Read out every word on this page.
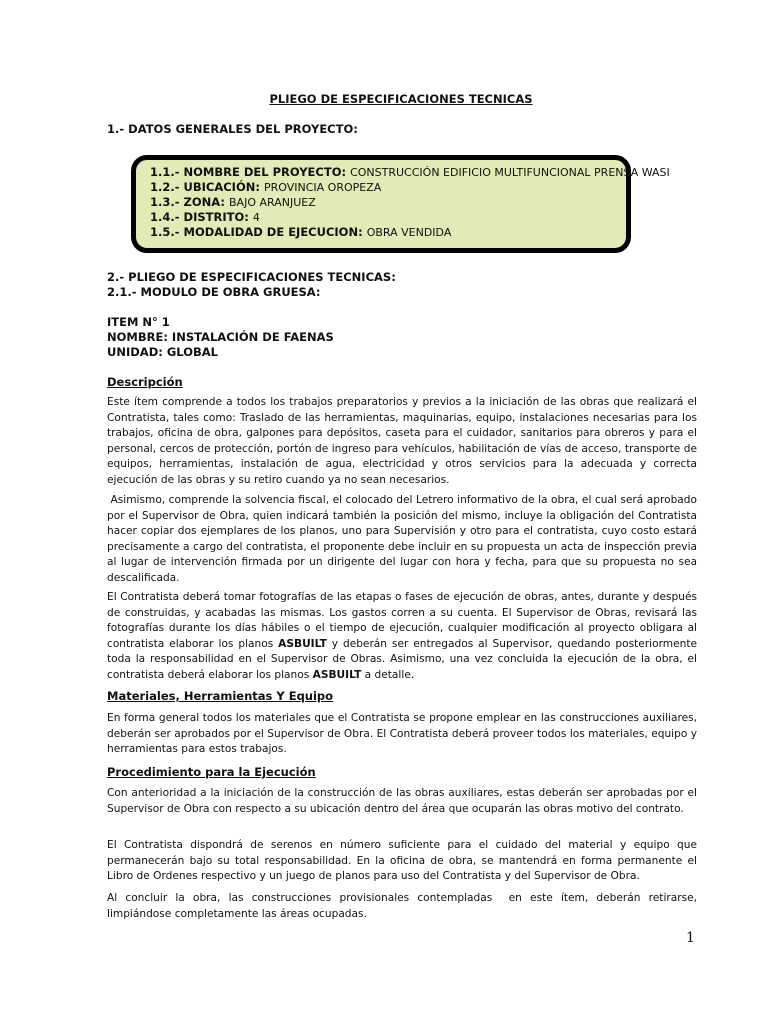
PLIEGO DE ESPECIFICACIONES TECNICAS
1.- DATOS GENERALES DEL PROYECTO:
1.1.- NOMBRE DEL PROYECTO: CONSTRUCCIÓN EDIFICIO MULTIFUNCIONAL PRENSA WASI
1.2.- UBICACIÓN: PROVINCIA OROPEZA
1.3.- ZONA: BAJO ARANJUEZ
1.4.- DISTRITO: 4
1.5.- MODALIDAD DE EJECUCION: OBRA VENDIDA
2.- PLIEGO DE ESPECIFICACIONES TECNICAS:
2.1.- MODULO DE OBRA GRUESA:
ITEM N° 1
NOMBRE: INSTALACIÓN DE FAENAS
UNIDAD: GLOBAL
Descripción
Este ítem comprende a todos los trabajos preparatorios y previos a la iniciación de las obras que realizará el Contratista, tales como: Traslado de las herramientas, maquinarias, equipo, instalaciones necesarias para los trabajos, oficina de obra, galpones para depósitos, caseta para el cuidador, sanitarios para obreros y para el personal, cercos de protección, portón de ingreso para vehículos, habilitación de vías de acceso, transporte de equipos, herramientas, instalación de agua, electricidad y otros servicios para la adecuada y correcta ejecución de las obras y su retiro cuando ya no sean necesarios.
Asimismo, comprende la solvencia fiscal, el colocado del Letrero informativo de la obra, el cual será aprobado por el Supervisor de Obra, quien indicará también la posición del mismo, incluye la obligación del Contratista hacer copiar dos ejemplares de los planos, uno para Supervisión y otro para el contratista, cuyo costo estará precisamente a cargo del contratista, el proponente debe incluir en su propuesta un acta de inspección previa al lugar de intervención firmada por un dirigente del lugar con hora y fecha, para que su propuesta no sea descalificada.
El Contratista deberá tomar fotografías de las etapas o fases de ejecución de obras, antes, durante y después de construidas, y acabadas las mismas. Los gastos corren a su cuenta. El Supervisor de Obras, revisará las fotografías durante los días hábiles o el tiempo de ejecución, cualquier modificación al proyecto obligara al contratista elaborar los planos ASBUILT y deberán ser entregados al Supervisor, quedando posteriormente toda la responsabilidad en el Supervisor de Obras. Asimismo, una vez concluida la ejecución de la obra, el contratista deberá elaborar los planos ASBUILT a detalle.
Materiales, Herramientas Y Equipo
En forma general todos los materiales que el Contratista se propone emplear en las construcciones auxiliares, deberán ser aprobados por el Supervisor de Obra. El Contratista deberá proveer todos los materiales, equipo y herramientas para estos trabajos.
Procedimiento para la Ejecución
Con anterioridad a la iniciación de la construcción de las obras auxiliares, estas deberán ser aprobadas por el Supervisor de Obra con respecto a su ubicación dentro del área que ocuparán las obras motivo del contrato.
El Contratista dispondrá de serenos en número suficiente para el cuidado del material y equipo que permanecerán bajo su total responsabilidad. En la oficina de obra, se mantendrá en forma permanente el Libro de Ordenes respectivo y un juego de planos para uso del Contratista y del Supervisor de Obra.
Al concluir la obra, las construcciones provisionales contempladas  en este ítem, deberán retirarse, limpiándose completamente las áreas ocupadas.
1
